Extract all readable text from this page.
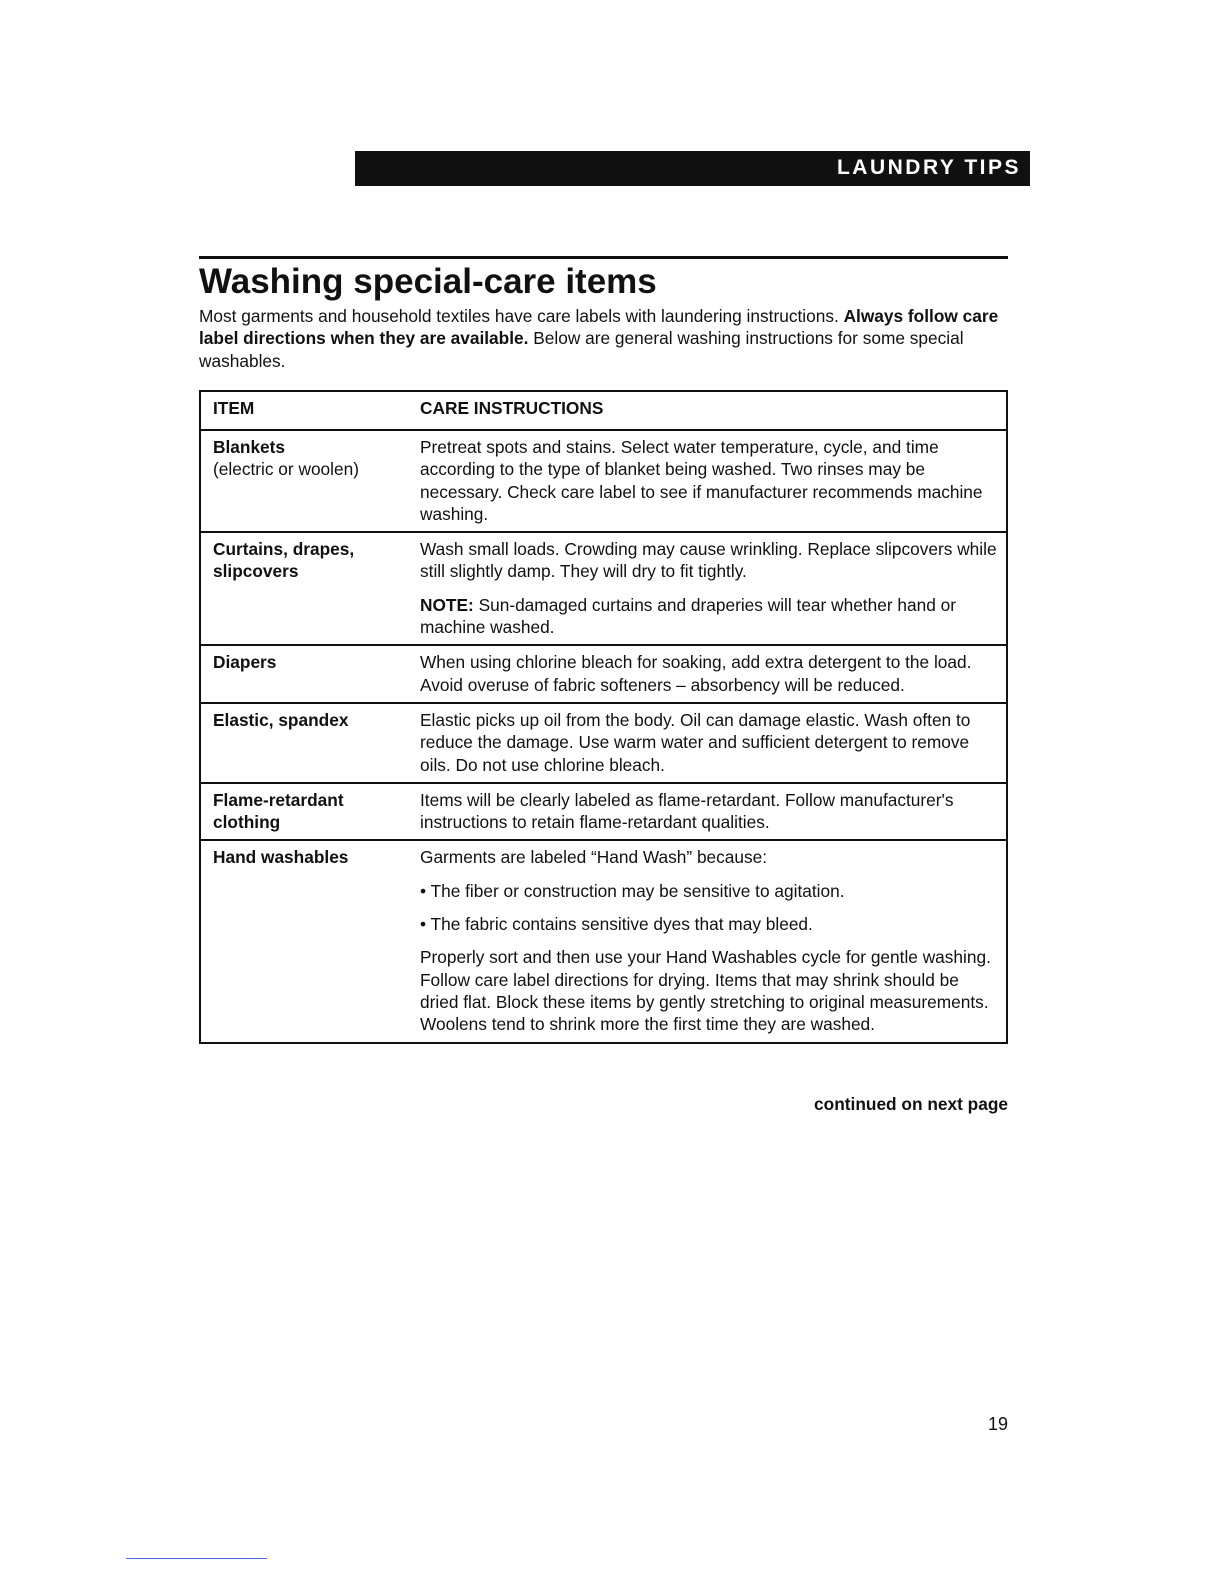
LAUNDRY TIPS
Washing special-care items

Most garments and household textiles have care labels with laundering instructions. Always follow care label directions when they are available. Below are general washing instructions for some special washables.

ITEM	CARE INSTRUCTIONS

Blankets
(electric or woolen)	Pretreat spots and stains. Select water temperature, cycle, and time according to the type of blanket being washed. Two rinses may be necessary. Check care label to see if manufacturer recommends machine washing.

Curtains, drapes, slipcovers	Wash small loads. Crowding may cause wrinkling. Replace slipcovers while still slightly damp. They will dry to fit tightly.

NOTE: Sun-damaged curtains and draperies will tear whether hand or machine washed.

Diapers	When using chlorine bleach for soaking, add extra detergent to the load. Avoid overuse of fabric softeners – absorbency will be reduced.

Elastic, spandex	Elastic picks up oil from the body. Oil can damage elastic. Wash often to reduce the damage. Use warm water and sufficient detergent to remove oils. Do not use chlorine bleach.

Flame-retardant clothing	Items will be clearly labeled as flame-retardant. Follow manufacturer's instructions to retain flame-retardant qualities.

Hand washables	Garments are labeled “Hand Wash” because:

• The fiber or construction may be sensitive to agitation.

• The fabric contains sensitive dyes that may bleed.

Properly sort and then use your Hand Washables cycle for gentle washing. Follow care label directions for drying. Items that may shrink should be dried flat. Block these items by gently stretching to original measurements. Woolens tend to shrink more the first time they are washed.

continued on next page
19
